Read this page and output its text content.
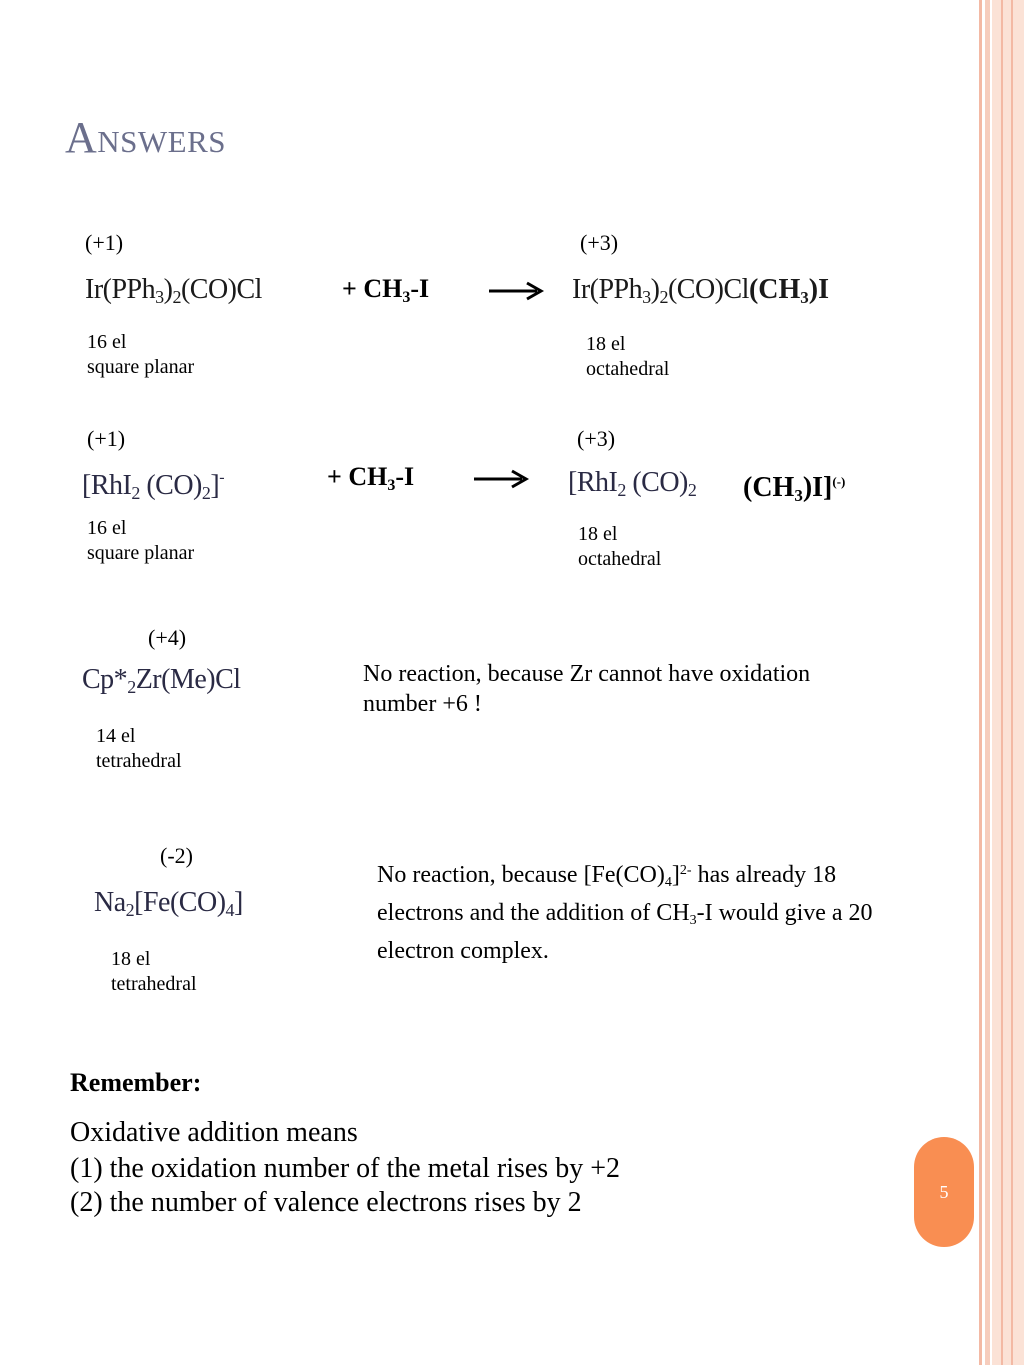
Answers
(+1)	(+3)
$Ir(PPh_3)_2(CO)Cl$	+ $CH_3-I$	$Ir(PPh_3)_2(CO)Cl(CH_3)I$
16 el
square planar
18 el
octahedral
(+1)	(+3)
[RhI$_2$ $(CO)_2]^-$	+ $CH_3-I$	[RhI$_2$ $(CO)_2$ $(CH_3)I]^{(-)}$
16 el
square planar
18 el
octahedral
(+4)
$Cp*_2Zr(Me)Cl$
14 el
tetrahedral
No reaction, because Zr cannot have oxidation number +6 !
(-2)
$Na_2[Fe(CO)_4]$
18 el
tetrahedral
No reaction, because $[Fe(CO)_4]^{2-}$ has already 18 electrons and the addition of $CH_3-I$ would give a 20 electron complex.
Remember:
Oxidative addition means
(1) the oxidation number of the metal rises by +2
(2) the number of valence electrons rises by 2	5
